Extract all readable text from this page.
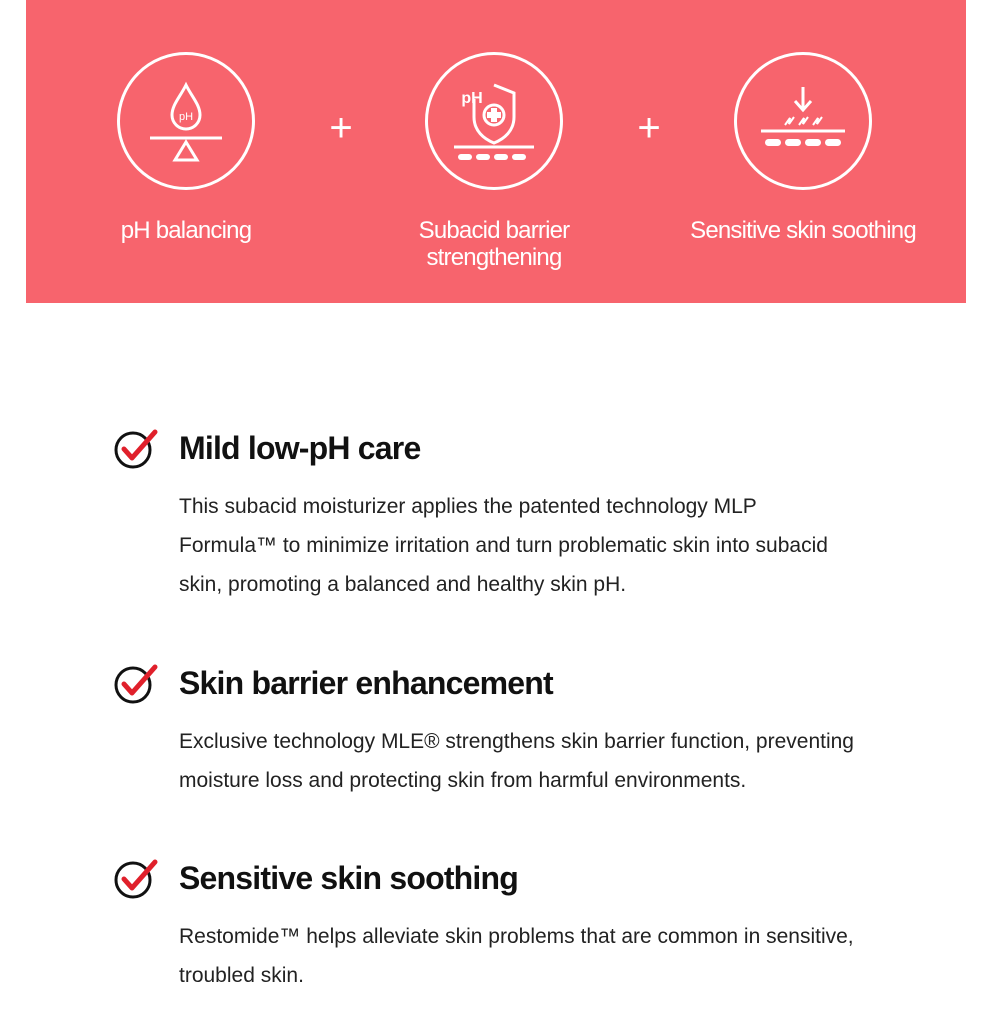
pH
pH balancing
+
pH
Subacid barrier strengthening
+
Sensitive skin soothing
Mild low-pH care
This subacid moisturizer applies the patented technology MLP Formula™ to minimize irritation and turn problematic skin into subacid skin, promoting a balanced and healthy skin pH.
Skin barrier enhancement
Exclusive technology MLE® strengthens skin barrier function, preventing moisture loss and protecting skin from harmful environments.
Sensitive skin soothing
Restomide™ helps alleviate skin problems that are common in sensitive, troubled skin.
